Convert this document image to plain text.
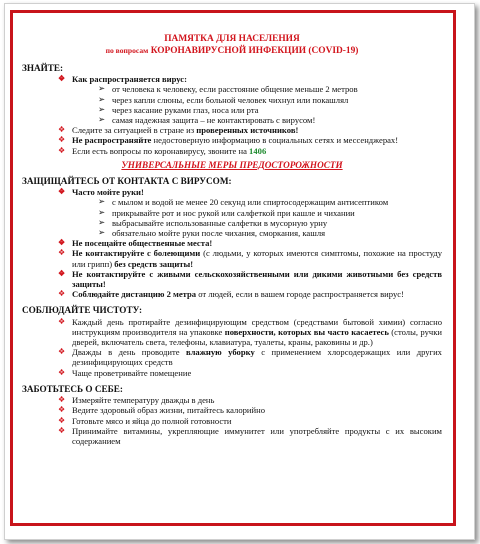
ПАМЯТКА ДЛЯ НАСЕЛЕНИЯ
по вопросам КОРОНАВИРУСНОЙ ИНФЕКЦИИ (COVID-19)
ЗНАЙТЕ:
❖ Как распространяется вирус:
➢ от человека к человеку, если расстояние общение меньше 2 метров
➢ через капли слюны, если больной человек чихнул или покашлял
➢ через касание руками глаз, носа или рта
➢ самая надежная защита – не контактировать с вирусом!
❖ Следите за ситуацией в стране из проверенных источников!
❖ Не распространяйте недостоверную информацию в социальных сетях и мессенджерах!
❖ Если есть вопросы по коронавирусу, звоните на 1406
УНИВЕРСАЛЬНЫЕ МЕРЫ ПРЕДОСТОРОЖНОСТИ
ЗАЩИЩАЙТЕСЬ ОТ КОНТАКТА С ВИРУСОМ:
❖ Часто мойте руки!
➢ с мылом и водой не менее 20 секунд или спиртосодержащим антисептиком
➢ прикрывайте рот и нос рукой или салфеткой при кашле и чихании
➢ выбрасывайте использованные салфетки в мусорную урну
➢ обязательно мойте руки после чихания, сморкания, кашля
❖ Не посещайте общественные места!
❖ Не контактируйте с болеющими (с людьми, у которых имеются симптомы, похожие на простуду или грипп) без средств защиты!
❖ Не контактируйте с живыми сельскохозяйственными или дикими животными без средств защиты!
❖ Соблюдайте дистанцию 2 метра от людей, если в вашем городе распространяется вирус!
СОБЛЮДАЙТЕ ЧИСТОТУ:
❖ Каждый день протирайте дезинфицирующим средством (средствами бытовой химии) согласно инструкциям производителя на упаковке поверхности, которых вы часто касаетесь (столы, ручки дверей, включатель света, телефоны, клавиатура, туалеты, краны, раковины и др.)
❖ Дважды в день проводите влажную уборку с применением хлорсодержащих или других дезинфицирующих средств
❖ Чаще проветривайте помещение
ЗАБОТЬТЕСЬ О СЕБЕ:
❖ Измеряйте температуру дважды в день
❖ Ведите здоровый образ жизни, питайтесь калорийно
❖ Готовьте мясо и яйца до полной готовности
❖ Принимайте витамины, укрепляющие иммунитет или употребляйте продукты с их высоким содержанием
